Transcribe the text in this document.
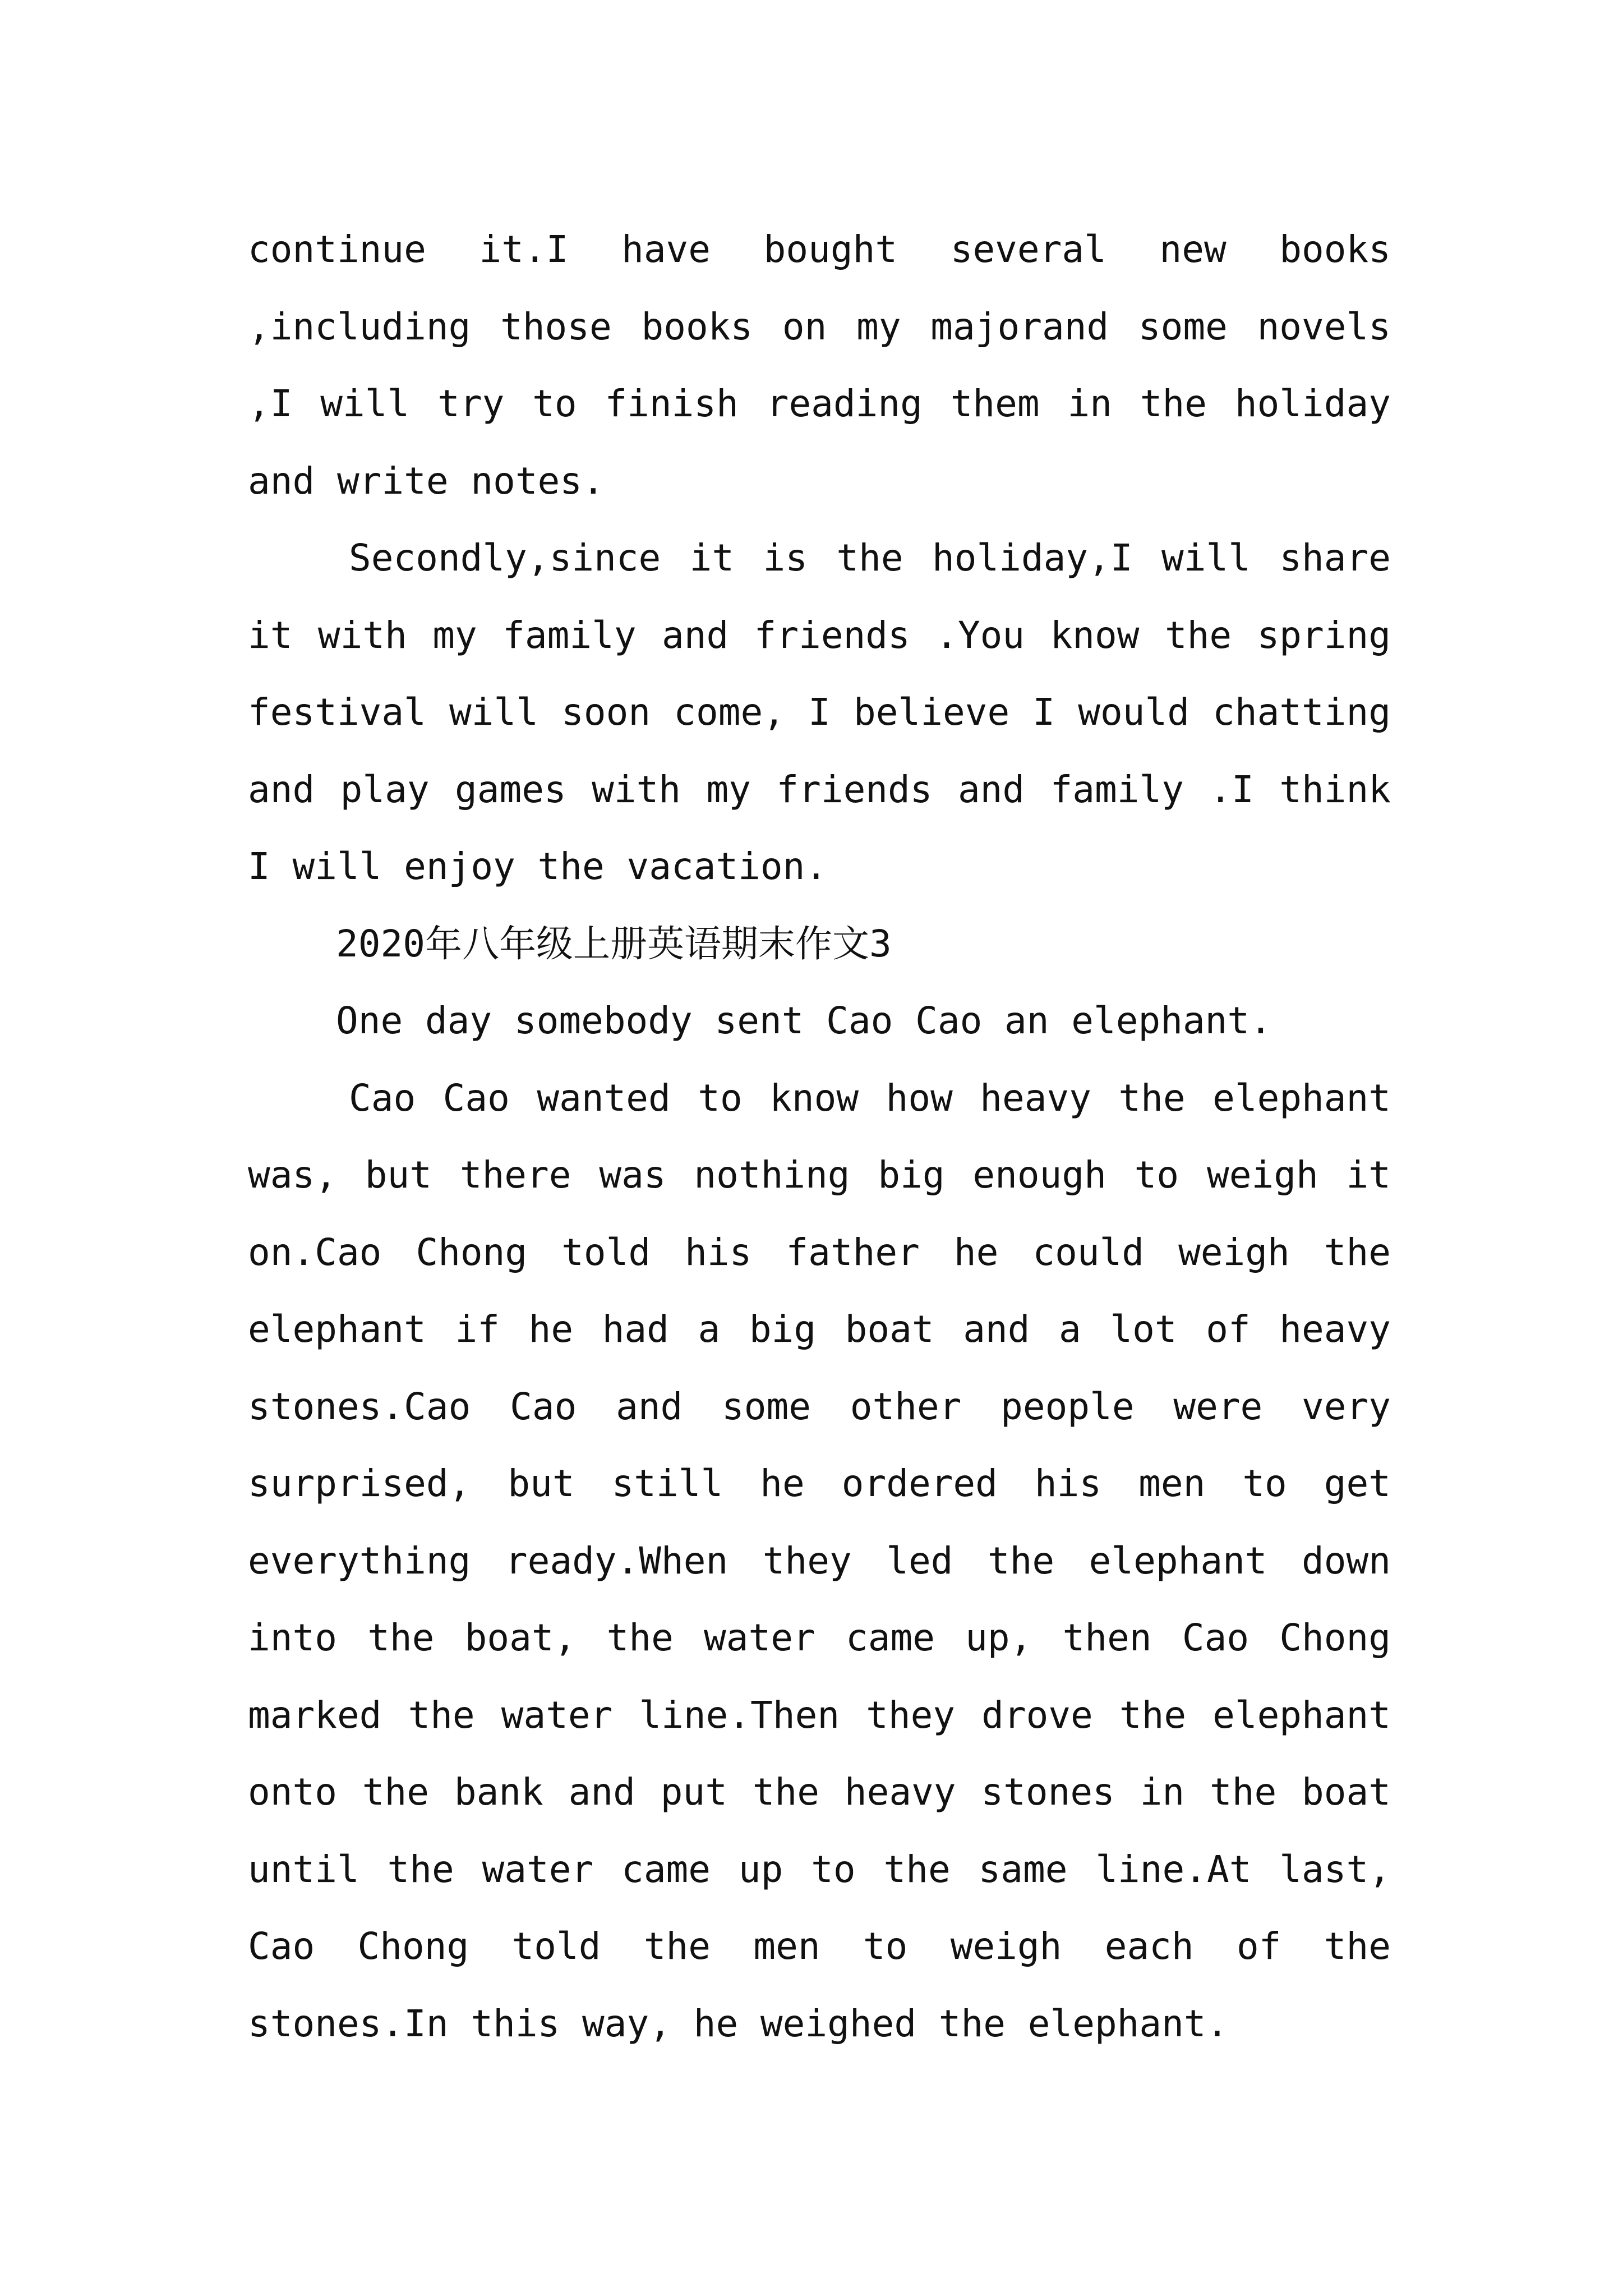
continue it.I have bought several new books ,including those books on my majorand some novels ,I will try to finish reading them in the holiday and write notes.

Secondly,since it is the holiday,I will share it with my family and friends .You know the spring festival will soon come, I believe I would chatting and play games with my friends and family .I think I will enjoy the vacation.

2020年八年级上册英语期末作文3

One day somebody sent Cao Cao an elephant.

Cao Cao wanted to know how heavy the elephant was, but there was nothing big enough to weigh it on.Cao Chong told his father he could weigh the elephant if he had a big boat and a lot of heavy stones.Cao Cao and some other people were very surprised, but still he ordered his men to get everything ready.When they led the elephant down into the boat, the water came up, then Cao Chong marked the water line.Then they drove the elephant onto the bank and put the heavy stones in the boat until the water came up to the same line.At last, Cao Chong told the men to weigh each of the stones.In this way, he weighed the elephant.
